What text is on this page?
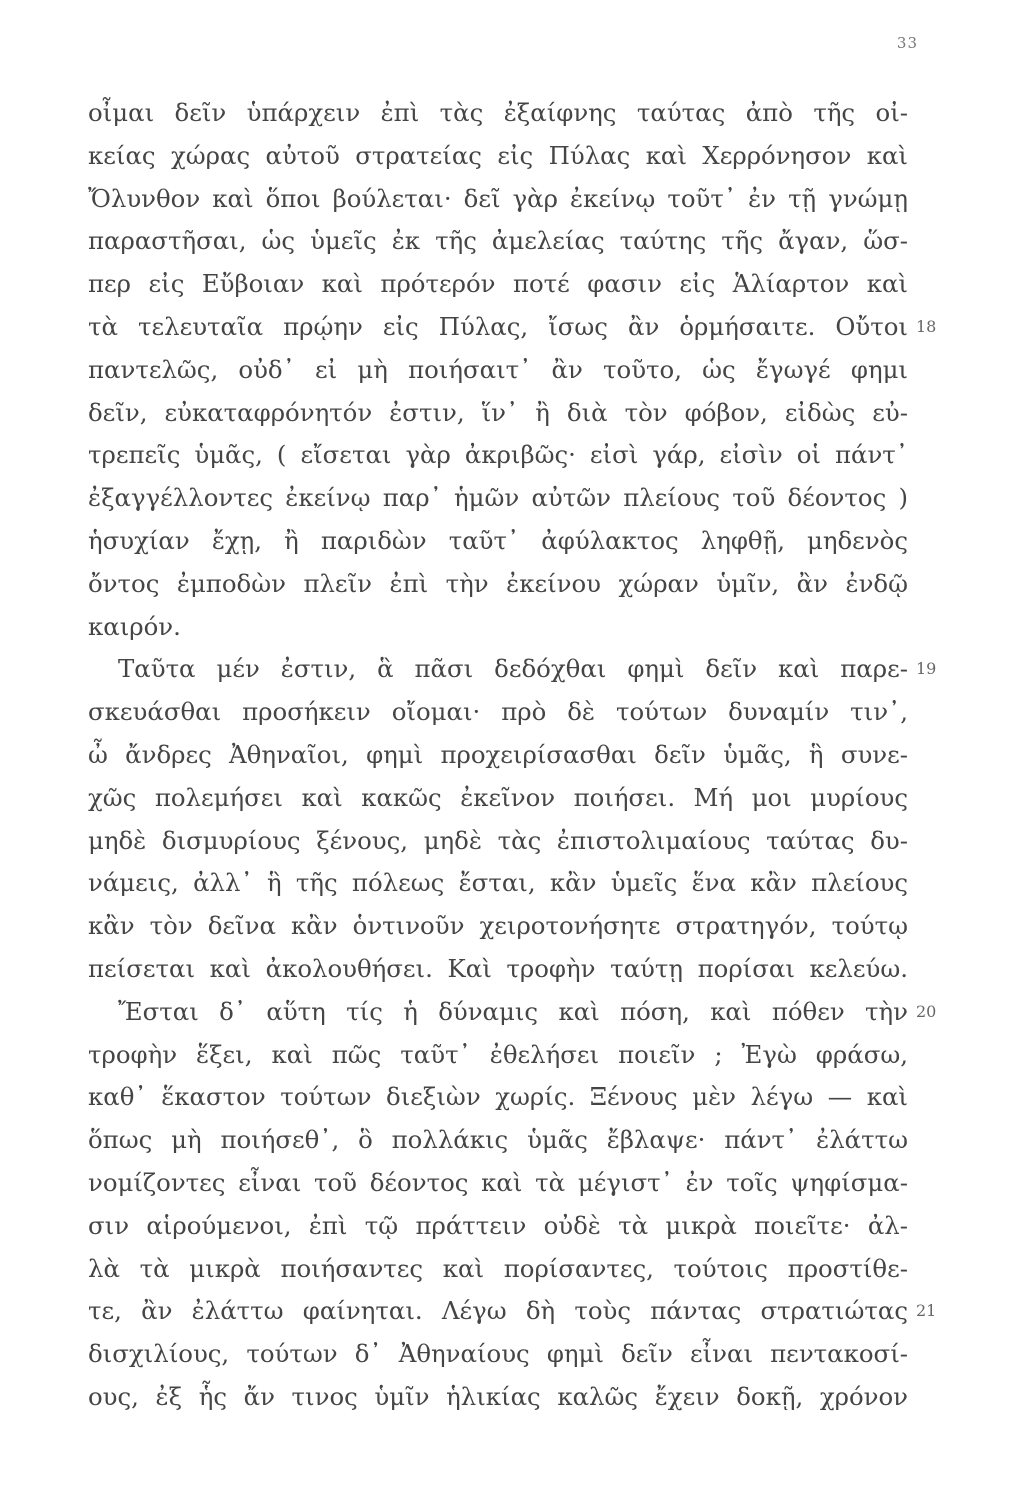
33
οἶμαι δεῖν ὑπάρχειν ἐπὶ τὰς ἐξαίφνης ταύτας ἀπὸ τῆς οἰ-
κείας χώρας αὐτοῦ στρατείας εἰς Πύλας καὶ Χερρόνησον καὶ
Ὄλυνθον καὶ ὅποι βούλεται· δεῖ γὰρ ἐκείνῳ τοῦτ᾽ ἐν τῇ γνώμῃ
παραστῆσαι, ὡς ὑμεῖς ἐκ τῆς ἀμελείας ταύτης τῆς ἄγαν, ὥσ-
περ εἰς Εὔβοιαν καὶ πρότερόν ποτέ φασιν εἰς Ἁλίαρτον καὶ
τὰ τελευταῖα πρῴην εἰς Πύλας, ἴσως ἂν ὁρμήσαιτε. Οὔτοι 18
παντελῶς, οὐδ᾽ εἰ μὴ ποιήσαιτ᾽ ἂν τοῦτο, ὡς ἔγωγέ φημι
δεῖν, εὐκαταφρόνητόν ἐστιν, ἵν᾽ ἢ διὰ τὸν φόβον, εἰδὼς εὐ-
τρεπεῖς ὑμᾶς, ( εἴσεται γὰρ ἀκριβῶς· εἰσὶ γάρ, εἰσὶν οἱ πάντ᾽
ἐξαγγέλλοντες ἐκείνῳ παρ᾽ ἡμῶν αὐτῶν πλείους τοῦ δέοντος )
ἡσυχίαν ἔχῃ, ἢ παριδὼν ταῦτ᾽ ἀφύλακτος ληφθῇ, μηδενὸς
ὄντος ἐμποδὼν πλεῖν ἐπὶ τὴν ἐκείνου χώραν ὑμῖν, ἂν ἐνδῷ
καιρόν.
Ταῦτα μέν ἐστιν, ἃ πᾶσι δεδόχθαι φημὶ δεῖν καὶ παρε- 19
σκευάσθαι προσήκειν οἴομαι· πρὸ δὲ τούτων δυναμίν τιν᾽,
ὦ ἄνδρες Ἀθηναῖοι, φημὶ προχειρίσασθαι δεῖν ὑμᾶς, ἣ συνε-
χῶς πολεμήσει καὶ κακῶς ἐκεῖνον ποιήσει. Μή μοι μυρίους
μηδὲ δισμυρίους ξένους, μηδὲ τὰς ἐπιστολιμαίους ταύτας δυ-
νάμεις, ἀλλ᾽ ἣ τῆς πόλεως ἔσται, κἂν ὑμεῖς ἕνα κἂν πλείους
κἂν τὸν δεῖνα κἂν ὁντινοῦν χειροτονήσητε στρατηγόν, τούτῳ
πείσεται καὶ ἀκολουθήσει. Καὶ τροφὴν ταύτῃ πορίσαι κελεύω.
Ἔσται δ᾽ αὕτη τίς ἡ δύναμις καὶ πόση, καὶ πόθεν τὴν 20
τροφὴν ἕξει, καὶ πῶς ταῦτ᾽ ἐθελήσει ποιεῖν ; Ἐγὼ φράσω,
καθ᾽ ἕκαστον τούτων διεξιὼν χωρίς. Ξένους μὲν λέγω — καὶ
ὅπως μὴ ποιήσεθ᾽, ὃ πολλάκις ὑμᾶς ἔβλαψε· πάντ᾽ ἐλάττω
νομίζοντες εἶναι τοῦ δέοντος καὶ τὰ μέγιστ᾽ ἐν τοῖς ψηφίσμα-
σιν αἱρούμενοι, ἐπὶ τῷ πράττειν οὐδὲ τὰ μικρὰ ποιεῖτε· ἀλ-
λὰ τὰ μικρὰ ποιήσαντες καὶ πορίσαντες, τούτοις προστίθε-
τε, ἂν ἐλάττω φαίνηται. Λέγω δὴ τοὺς πάντας στρατιώτας 21
δισχιλίους, τούτων δ᾽ Ἀθηναίους φημὶ δεῖν εἶναι πεντακοσί-
ους, ἐξ ἧς ἄν τινος ὑμῖν ἡλικίας καλῶς ἔχειν δοκῇ, χρόνον
